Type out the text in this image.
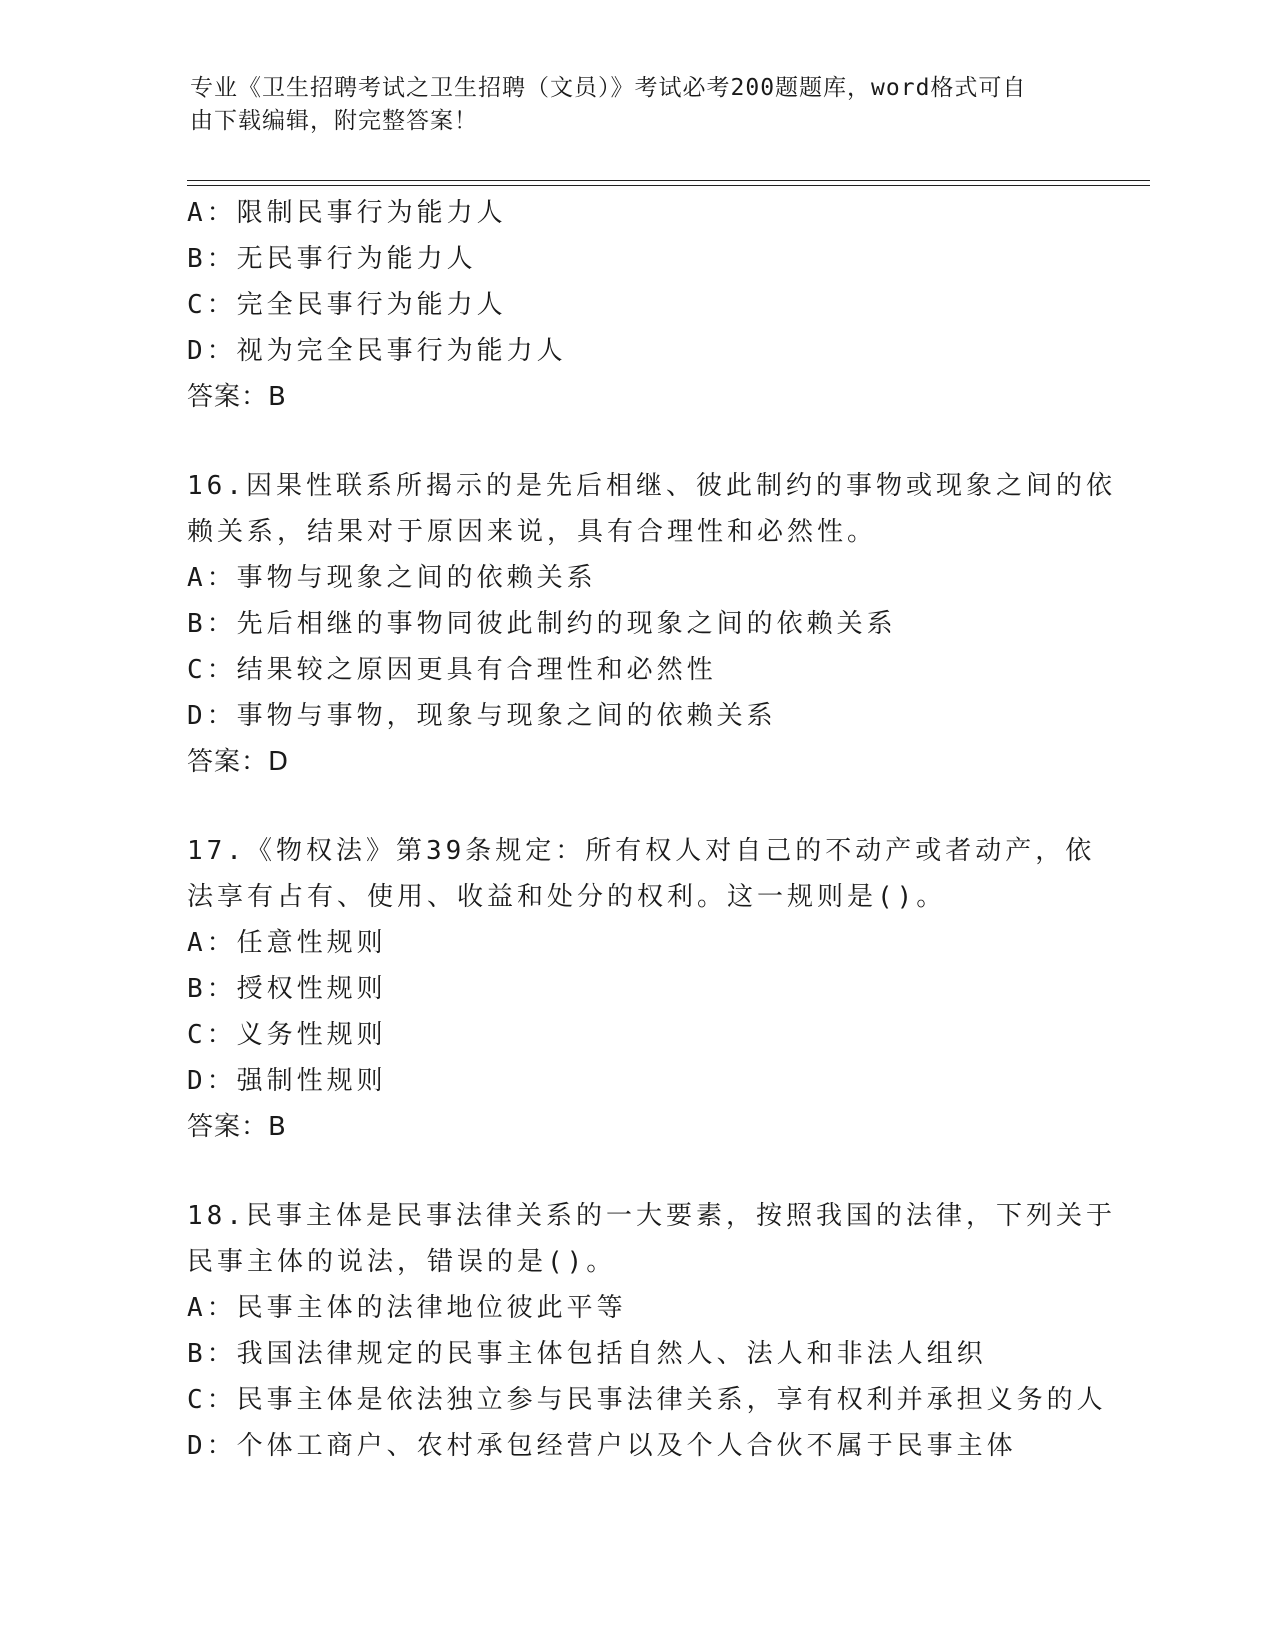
专业《卫生招聘考试之卫生招聘（文员）》考试必考200题题库，word格式可自
由下载编辑，附完整答案！
A：限制民事行为能力人
B：无民事行为能力人
C：完全民事行为能力人
D：视为完全民事行为能力人
答案：B
16.因果性联系所揭示的是先后相继、彼此制约的事物或现象之间的依
赖关系，结果对于原因来说，具有合理性和必然性。
A：事物与现象之间的依赖关系
B：先后相继的事物同彼此制约的现象之间的依赖关系
C：结果较之原因更具有合理性和必然性
D：事物与事物，现象与现象之间的依赖关系
答案：D
17.《物权法》第39条规定：所有权人对自己的不动产或者动产，依
法享有占有、使用、收益和处分的权利。这一规则是()。
A：任意性规则
B：授权性规则
C：义务性规则
D：强制性规则
答案：B
18.民事主体是民事法律关系的一大要素，按照我国的法律，下列关于
民事主体的说法，错误的是()。
A：民事主体的法律地位彼此平等
B：我国法律规定的民事主体包括自然人、法人和非法人组织
C：民事主体是依法独立参与民事法律关系，享有权利并承担义务的人
D：个体工商户、农村承包经营户以及个人合伙不属于民事主体
